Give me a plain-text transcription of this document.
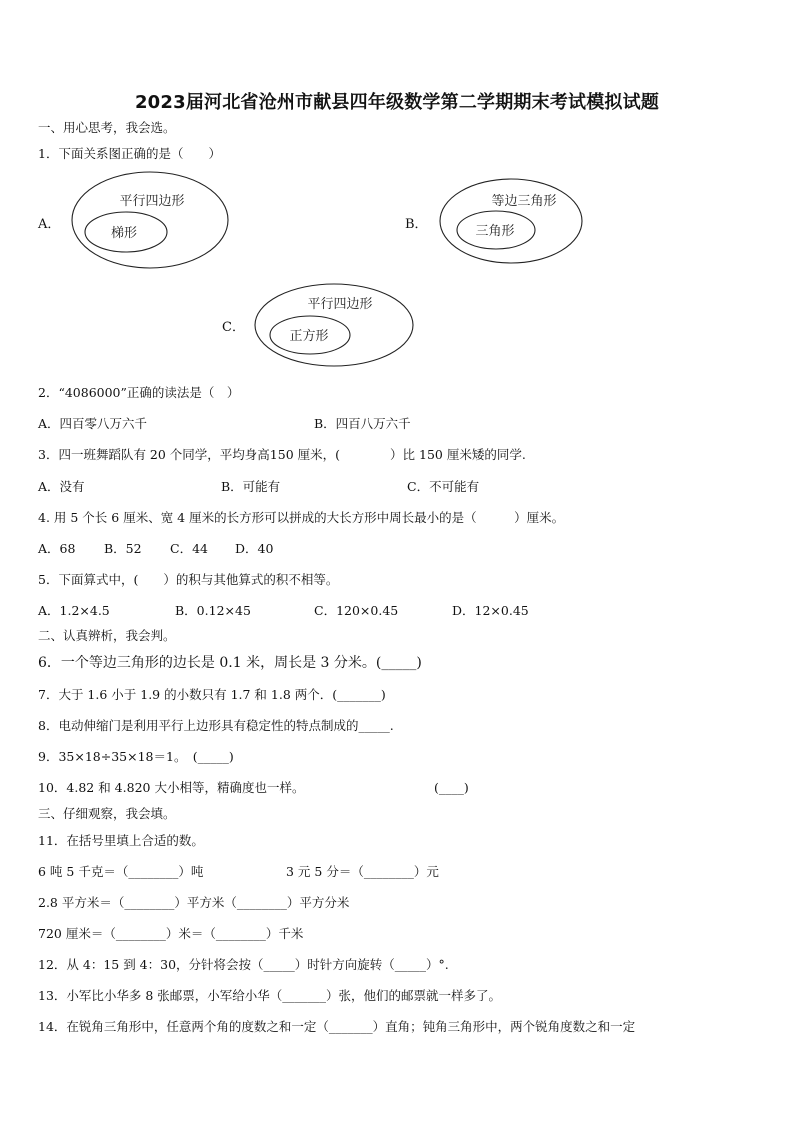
2023届河北省沧州市献县四年级数学第二学期期末考试模拟试题
一、用心思考，我会选。
1．下面关系图正确的是（　　）
A．
平行四边形
梯形
B．
等边三角形
三角形
C．
平行四边形
正方形
2．“4086000”正确的读法是（　）
A．四百零八万六千	B．四百八万六千
3．四一班舞蹈队有 20 个同学，平均身高150 厘米，(　　　　）比 150 厘米矮的同学.
A．没有	B．可能有	C．不可能有
4. 用 5 个长 6 厘米、宽 4 厘米的长方形可以拼成的大长方形中周长最小的是（　　　）厘米。
A．68 B．52 C．44 D．40
5．下面算式中，(　　）的积与其他算式的积不相等。
A．1.2×4.5	B．0.12×45	C．120×0.45	D．12×0.45
二、认真辨析，我会判。
6．一个等边三角形的边长是 0.1 米，周长是 3 分米。(_____)
7．大于 1.6 小于 1.9 的小数只有 1.7 和 1.8 两个．(_______)
8．电动伸缩门是利用平行上边形具有稳定性的特点制成的_____.
9．35×18÷35×18＝1。　(_____)
10．4.82 和 4.820 大小相等，精确度也一样。	(____)
三、仔细观察，我会填。
11．在括号里填上合适的数。
6 吨 5 千克＝（________）吨	3 元 5 分＝（________）元
2.8 平方米＝（________）平方米（________）平方分米
720 厘米＝（________）米＝（________）千米
12．从 4：15 到 4：30，分针将会按（_____）时针方向旋转（_____）°.
13．小军比小华多 8 张邮票，小军给小华（_______）张，他们的邮票就一样多了。
14．在锐角三角形中，任意两个角的度数之和一定（_______）直角；钝角三角形中，两个锐角度数之和一定
